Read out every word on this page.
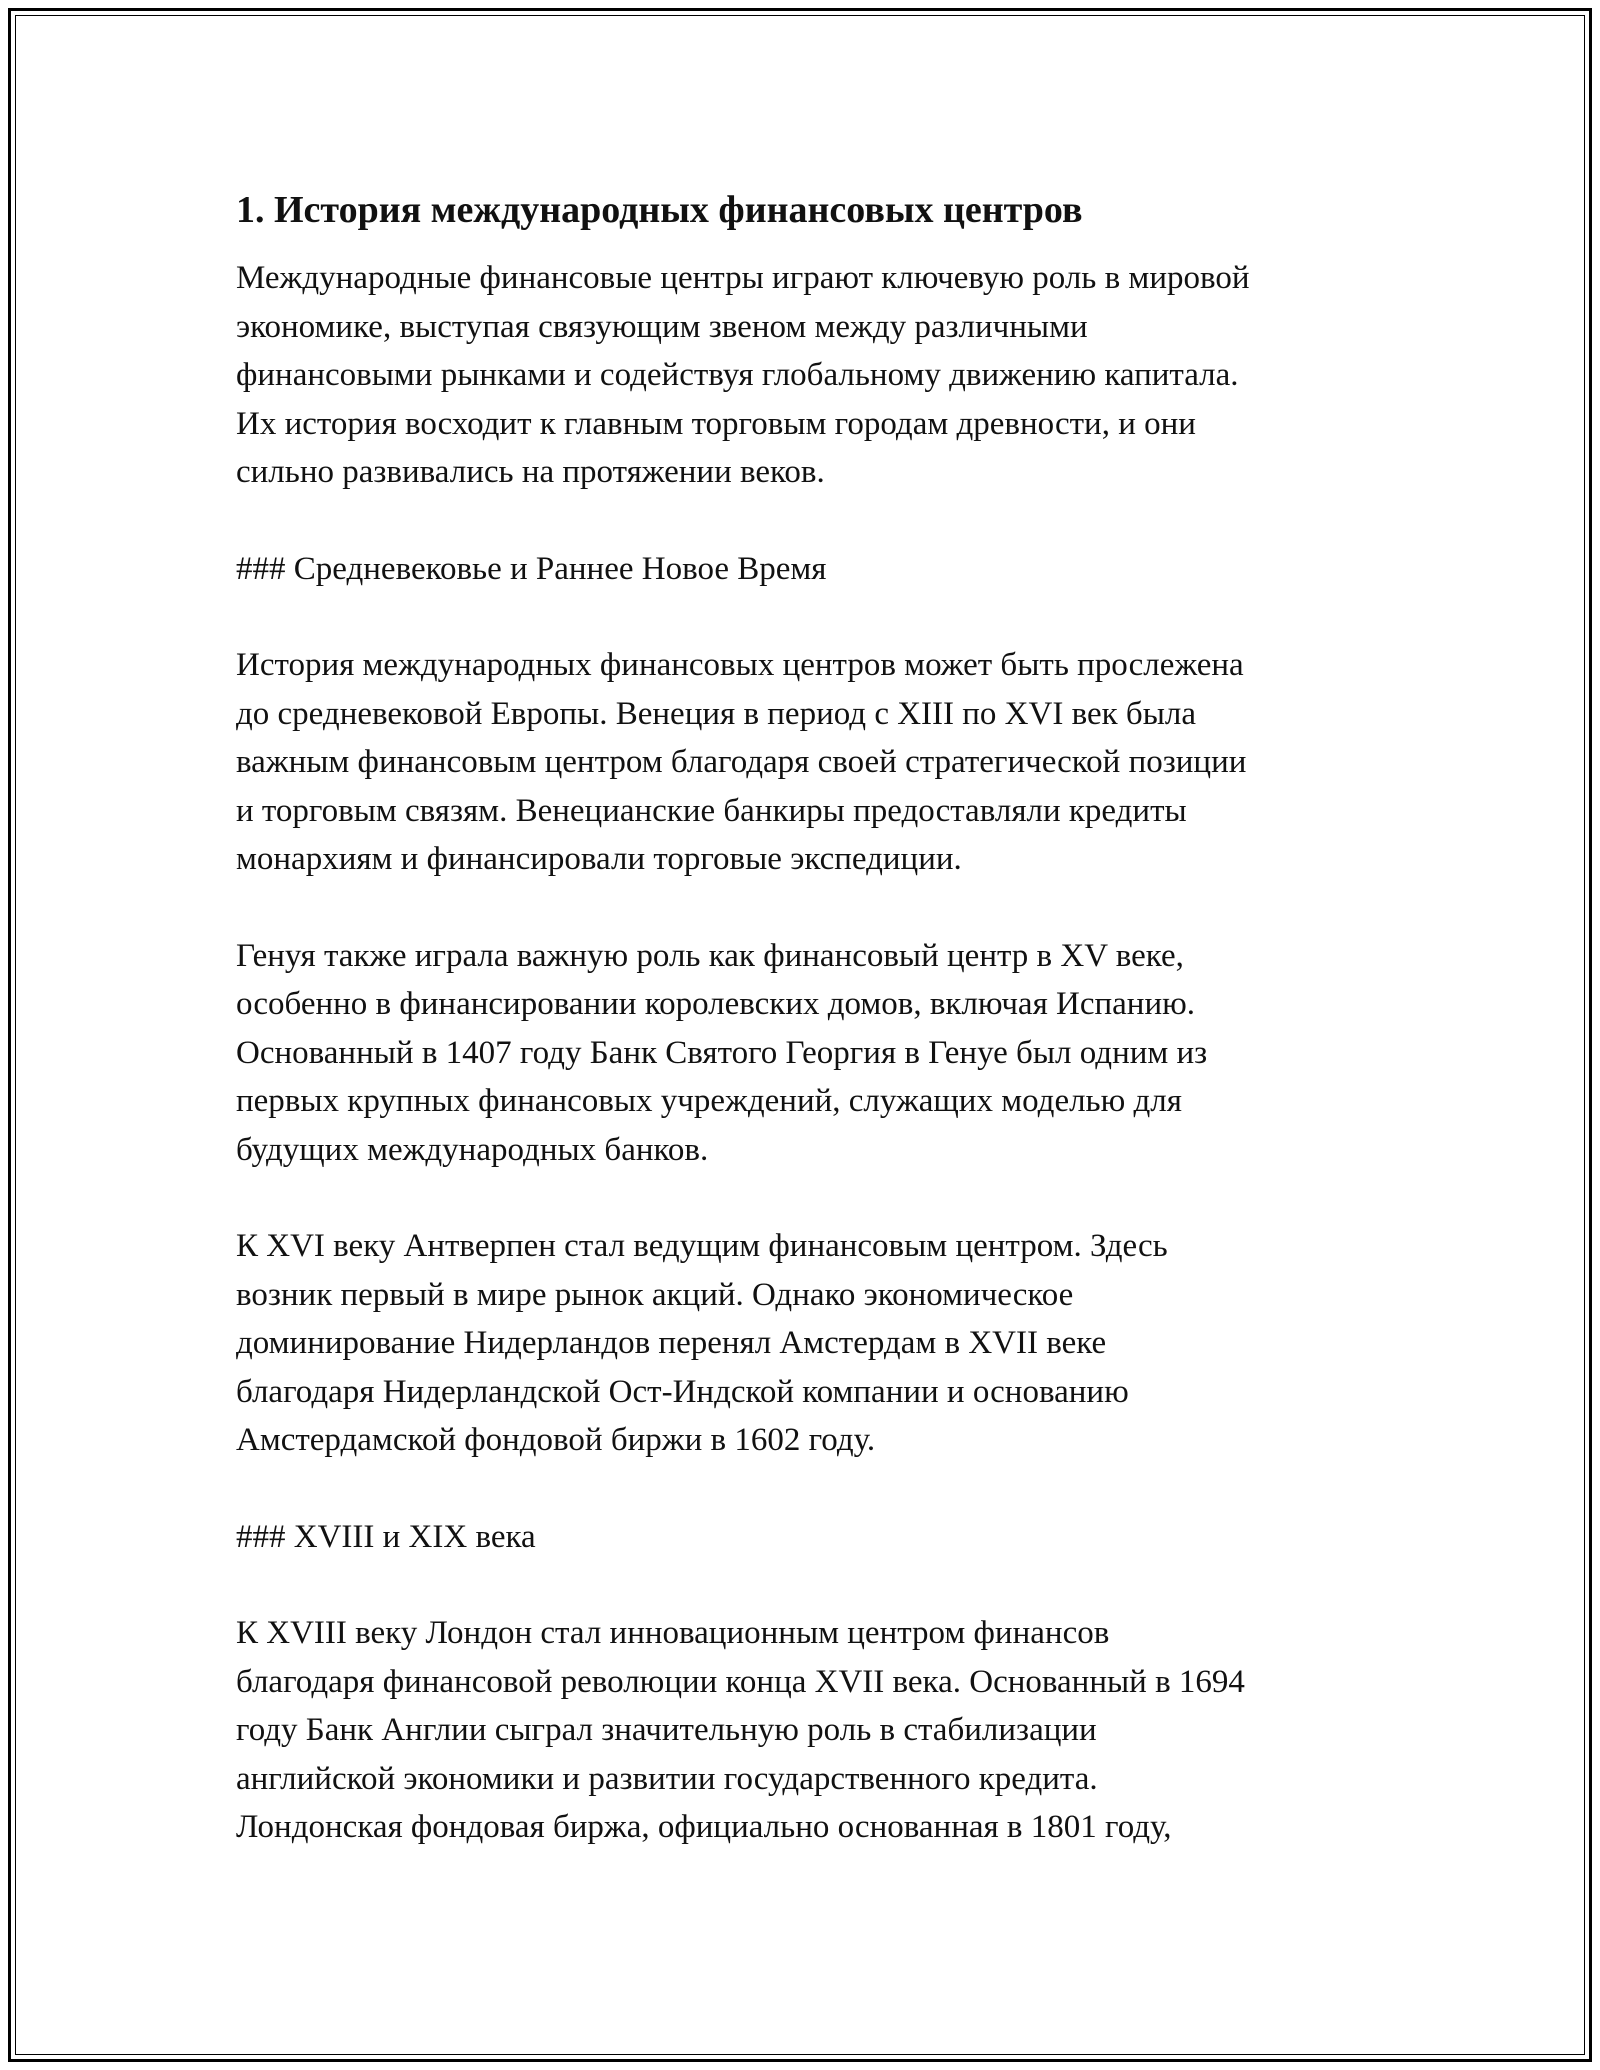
1. История международных финансовых центров
Международные финансовые центры играют ключевую роль в мировой
экономике, выступая связующим звеном между различными
финансовыми рынками и содействуя глобальному движению капитала.
Их история восходит к главным торговым городам древности, и они
сильно развивались на протяжении веков.
### Средневековье и Раннее Новое Время
История международных финансовых центров может быть прослежена
до средневековой Европы. Венеция в период с XIII по XVI век была
важным финансовым центром благодаря своей стратегической позиции
и торговым связям. Венецианские банкиры предоставляли кредиты
монархиям и финансировали торговые экспедиции.
Генуя также играла важную роль как финансовый центр в XV веке,
особенно в финансировании королевских домов, включая Испанию.
Основанный в 1407 году Банк Святого Георгия в Генуе был одним из
первых крупных финансовых учреждений, служащих моделью для
будущих международных банков.
К XVI веку Антверпен стал ведущим финансовым центром. Здесь
возник первый в мире рынок акций. Однако экономическое
доминирование Нидерландов перенял Амстердам в XVII веке
благодаря Нидерландской Ост-Индской компании и основанию
Амстердамской фондовой биржи в 1602 году.
### XVIII и XIX века
К XVIII веку Лондон стал инновационным центром финансов
благодаря финансовой революции конца XVII века. Основанный в 1694
году Банк Англии сыграл значительную роль в стабилизации
английской экономики и развитии государственного кредита.
Лондонская фондовая биржа, официально основанная в 1801 году,
